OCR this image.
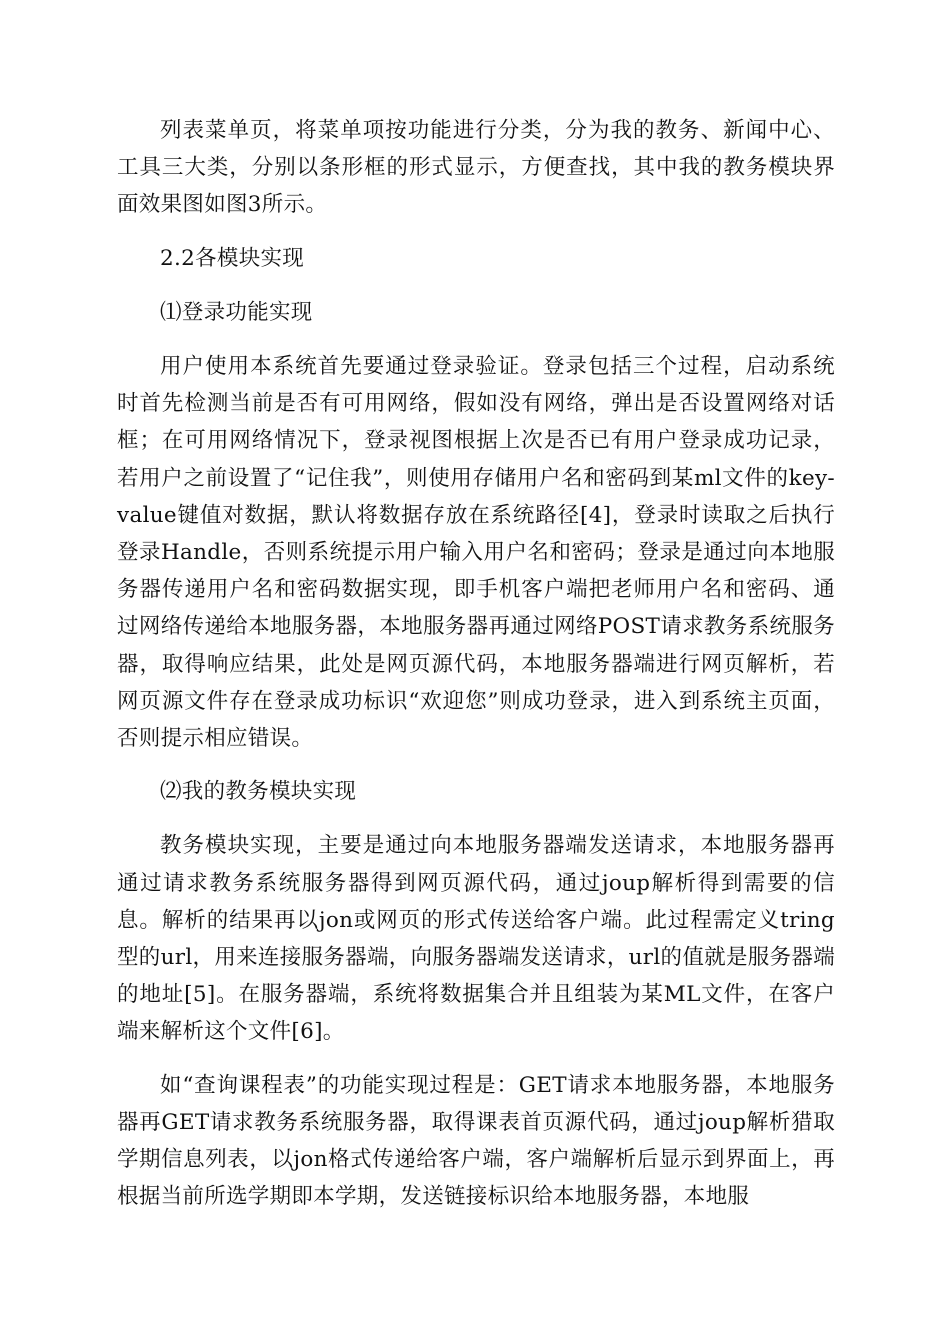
列表菜单页，将菜单项按功能进行分类，分为我的教务、新闻中心、工具三大类，分别以条形框的形式显示，方便查找，其中我的教务模块界面效果图如图3所示。

2.2各模块实现

⑴登录功能实现

用户使用本系统首先要通过登录验证。登录包括三个过程，启动系统时首先检测当前是否有可用网络，假如没有网络，弹出是否设置网络对话框；在可用网络情况下，登录视图根据上次是否已有用户登录成功记录，若用户之前设置了“记住我”，则使用存储用户名和密码到某ml文件的key-value键值对数据，默认将数据存放在系统路径[4]，登录时读取之后执行登录Handle，否则系统提示用户输入用户名和密码；登录是通过向本地服务器传递用户名和密码数据实现，即手机客户端把老师用户名和密码、通过网络传递给本地服务器，本地服务器再通过网络POST请求教务系统服务器，取得响应结果，此处是网页源代码，本地服务器端进行网页解析，若网页源文件存在登录成功标识“欢迎您”则成功登录，进入到系统主页面，否则提示相应错误。

⑵我的教务模块实现

教务模块实现，主要是通过向本地服务器端发送请求，本地服务器再通过请求教务系统服务器得到网页源代码，通过joup解析得到需要的信息。解析的结果再以jon或网页的形式传送给客户端。此过程需定义tring型的url，用来连接服务器端，向服务器端发送请求，url的值就是服务器端的地址[5]。在服务器端，系统将数据集合并且组装为某ML文件，在客户端来解析这个文件[6]。

如“查询课程表”的功能实现过程是：GET请求本地服务器，本地服务器再GET请求教务系统服务器，取得课表首页源代码，通过joup解析猎取学期信息列表，以jon格式传递给客户端，客户端解析后显示到界面上，再根据当前所选学期即本学期，发送链接标识给本地服务器，本地服
